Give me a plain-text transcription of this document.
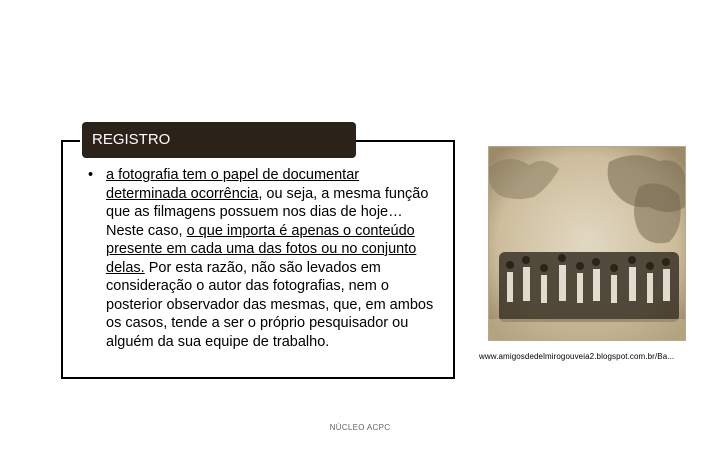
REGISTRO
• a fotografia tem o papel de documentar determinada ocorrência, ou seja, a mesma função que as filmagens possuem nos dias de hoje… Neste caso, o que importa é apenas o conteúdo presente em cada uma das fotos ou no conjunto delas. Por esta razão, não são levados em consideração o autor das fotografias, nem o posterior observador das mesmas, que, em ambos os casos, tende a ser o próprio pesquisador ou alguém da sua equipe de trabalho.

www.amigosdedelmirogouveia2.blogspot.com.br/Ba...
NÚCLEO ACPC
